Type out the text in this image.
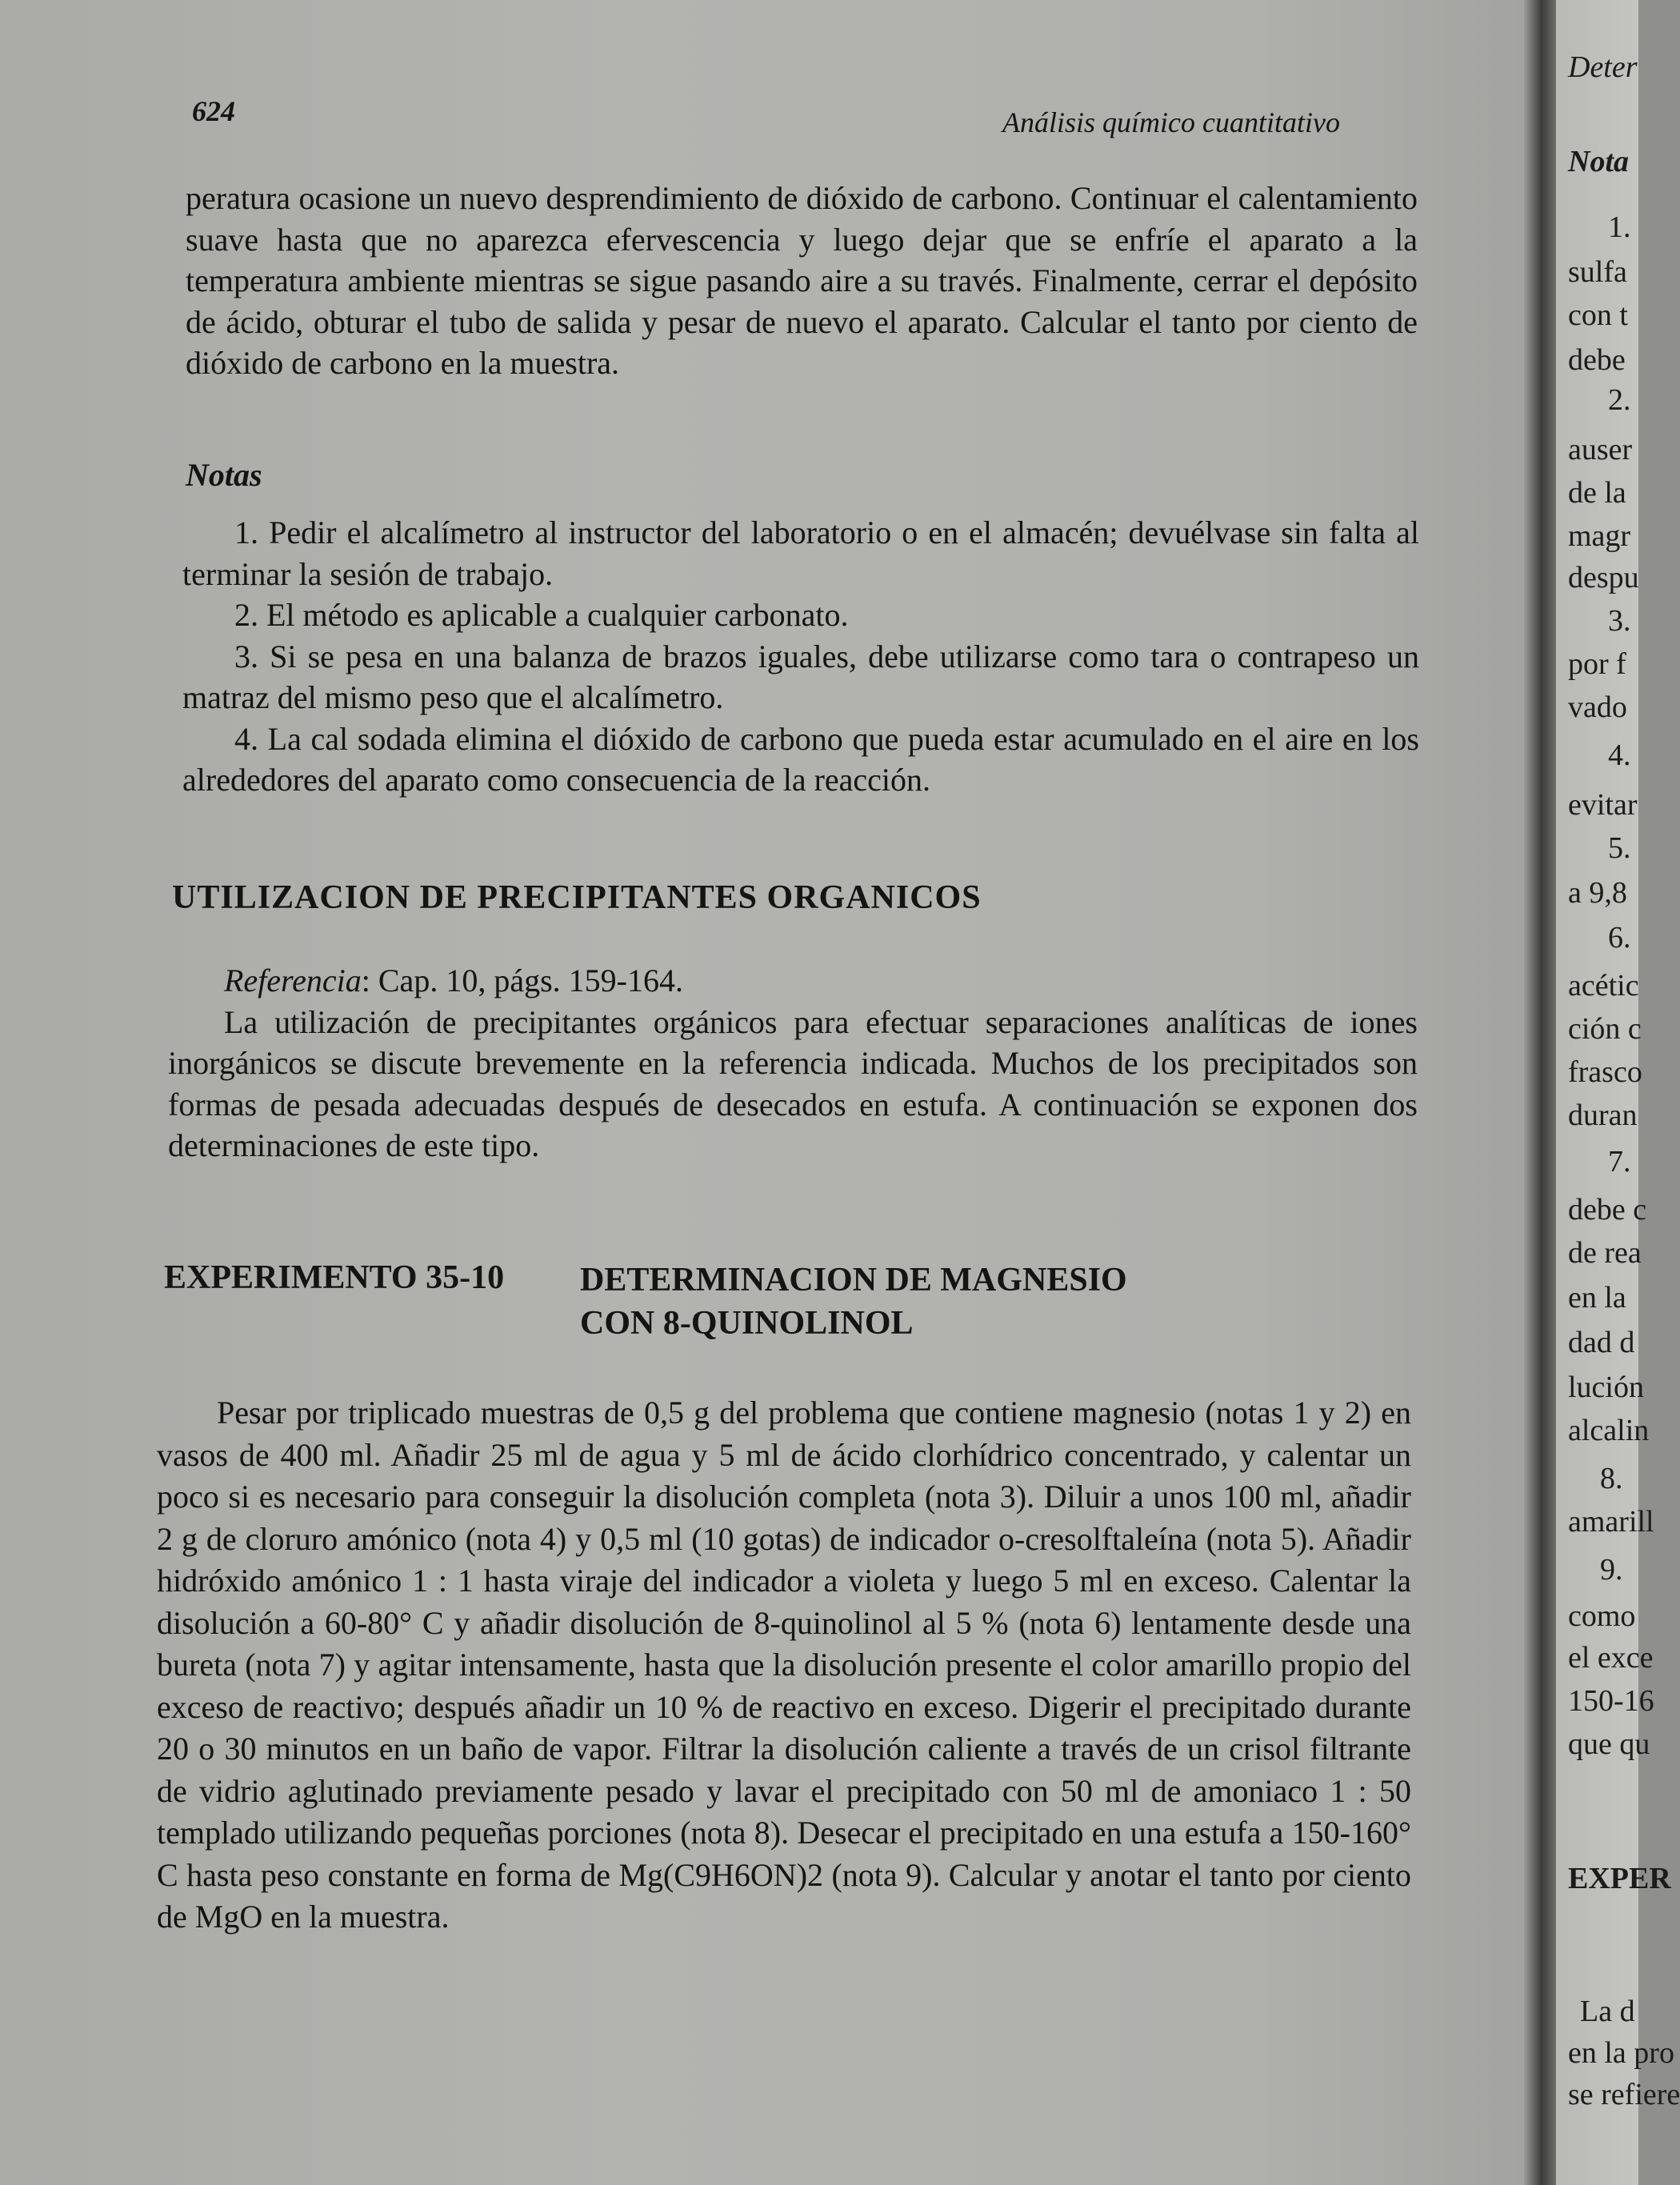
624	Análisis químico cuantitativo

peratura ocasione un nuevo desprendimiento de dióxido de carbono. Continuar el calentamiento suave hasta que no aparezca efervescencia y luego dejar que se enfríe el aparato a la temperatura ambiente mientras se sigue pasando aire a su través. Finalmente, cerrar el depósito de ácido, obturar el tubo de salida y pesar de nuevo el aparato. Calcular el tanto por ciento de dióxido de carbono en la muestra.

Notas

1. Pedir el alcalímetro al instructor del laboratorio o en el almacén; devuélvase sin falta al terminar la sesión de trabajo.

2. El método es aplicable a cualquier carbonato.

3. Si se pesa en una balanza de brazos iguales, debe utilizarse como tara o contrapeso un matraz del mismo peso que el alcalímetro.

4. La cal sodada elimina el dióxido de carbono que pueda estar acumulado en el aire en los alrededores del aparato como consecuencia de la reacción.

UTILIZACION DE PRECIPITANTES ORGANICOS

Referencia: Cap. 10, págs. 159-164.

La utilización de precipitantes orgánicos para efectuar separaciones analíticas de iones inorgánicos se discute brevemente en la referencia indicada. Muchos de los precipitados son formas de pesada adecuadas después de desecados en estufa. A continuación se exponen dos determinaciones de este tipo.

EXPERIMENTO 35-10 DETERMINACION DE MAGNESIO
CON 8-QUINOLINOL

Pesar por triplicado muestras de 0,5 g del problema que contiene magnesio (notas 1 y 2) en vasos de 400 ml. Añadir 25 ml de agua y 5 ml de ácido clorhídrico concentrado, y calentar un poco si es necesario para conseguir la disolución completa (nota 3). Diluir a unos 100 ml, añadir 2 g de cloruro amónico (nota 4) y 0,5 ml (10 gotas) de indicador o-cresolftaleína (nota 5). Añadir hidróxido amónico 1 : 1 hasta viraje del indicador a violeta y luego 5 ml en exceso. Calentar la disolución a 60-80° C y añadir disolución de 8-quinolinol al 5 % (nota 6) lentamente desde una bureta (nota 7) y agitar intensamente, hasta que la disolución presente el color amarillo propio del exceso de reactivo; después añadir un 10 % de reactivo en exceso. Digerir el precipitado durante 20 o 30 minutos en un baño de vapor. Filtrar la disolución caliente a través de un crisol filtrante de vidrio aglutinado previamente pesado y lavar el precipitado con 50 ml de amoniaco 1 : 50 templado utilizando pequeñas porciones (nota 8). Desecar el precipitado en una estufa a 150-160° C hasta peso constante en forma de Mg(C9H6ON)2 (nota 9). Calcular y anotar el tanto por ciento de MgO en la muestra.

Deter
Nota
1.
sulfa
con t
debe
2.
auser
de la
magr
despu
3.
por f
vado
4.
evitar
5.
a 9,8
6.
acétic
ción c
frasco
duran
7.
debe c
de rea
en la
dad d
lución
alcalin
8.
amarill
9.
como
el exce
150-16
que qu
EXPER
La d
en la pro
se refiere
